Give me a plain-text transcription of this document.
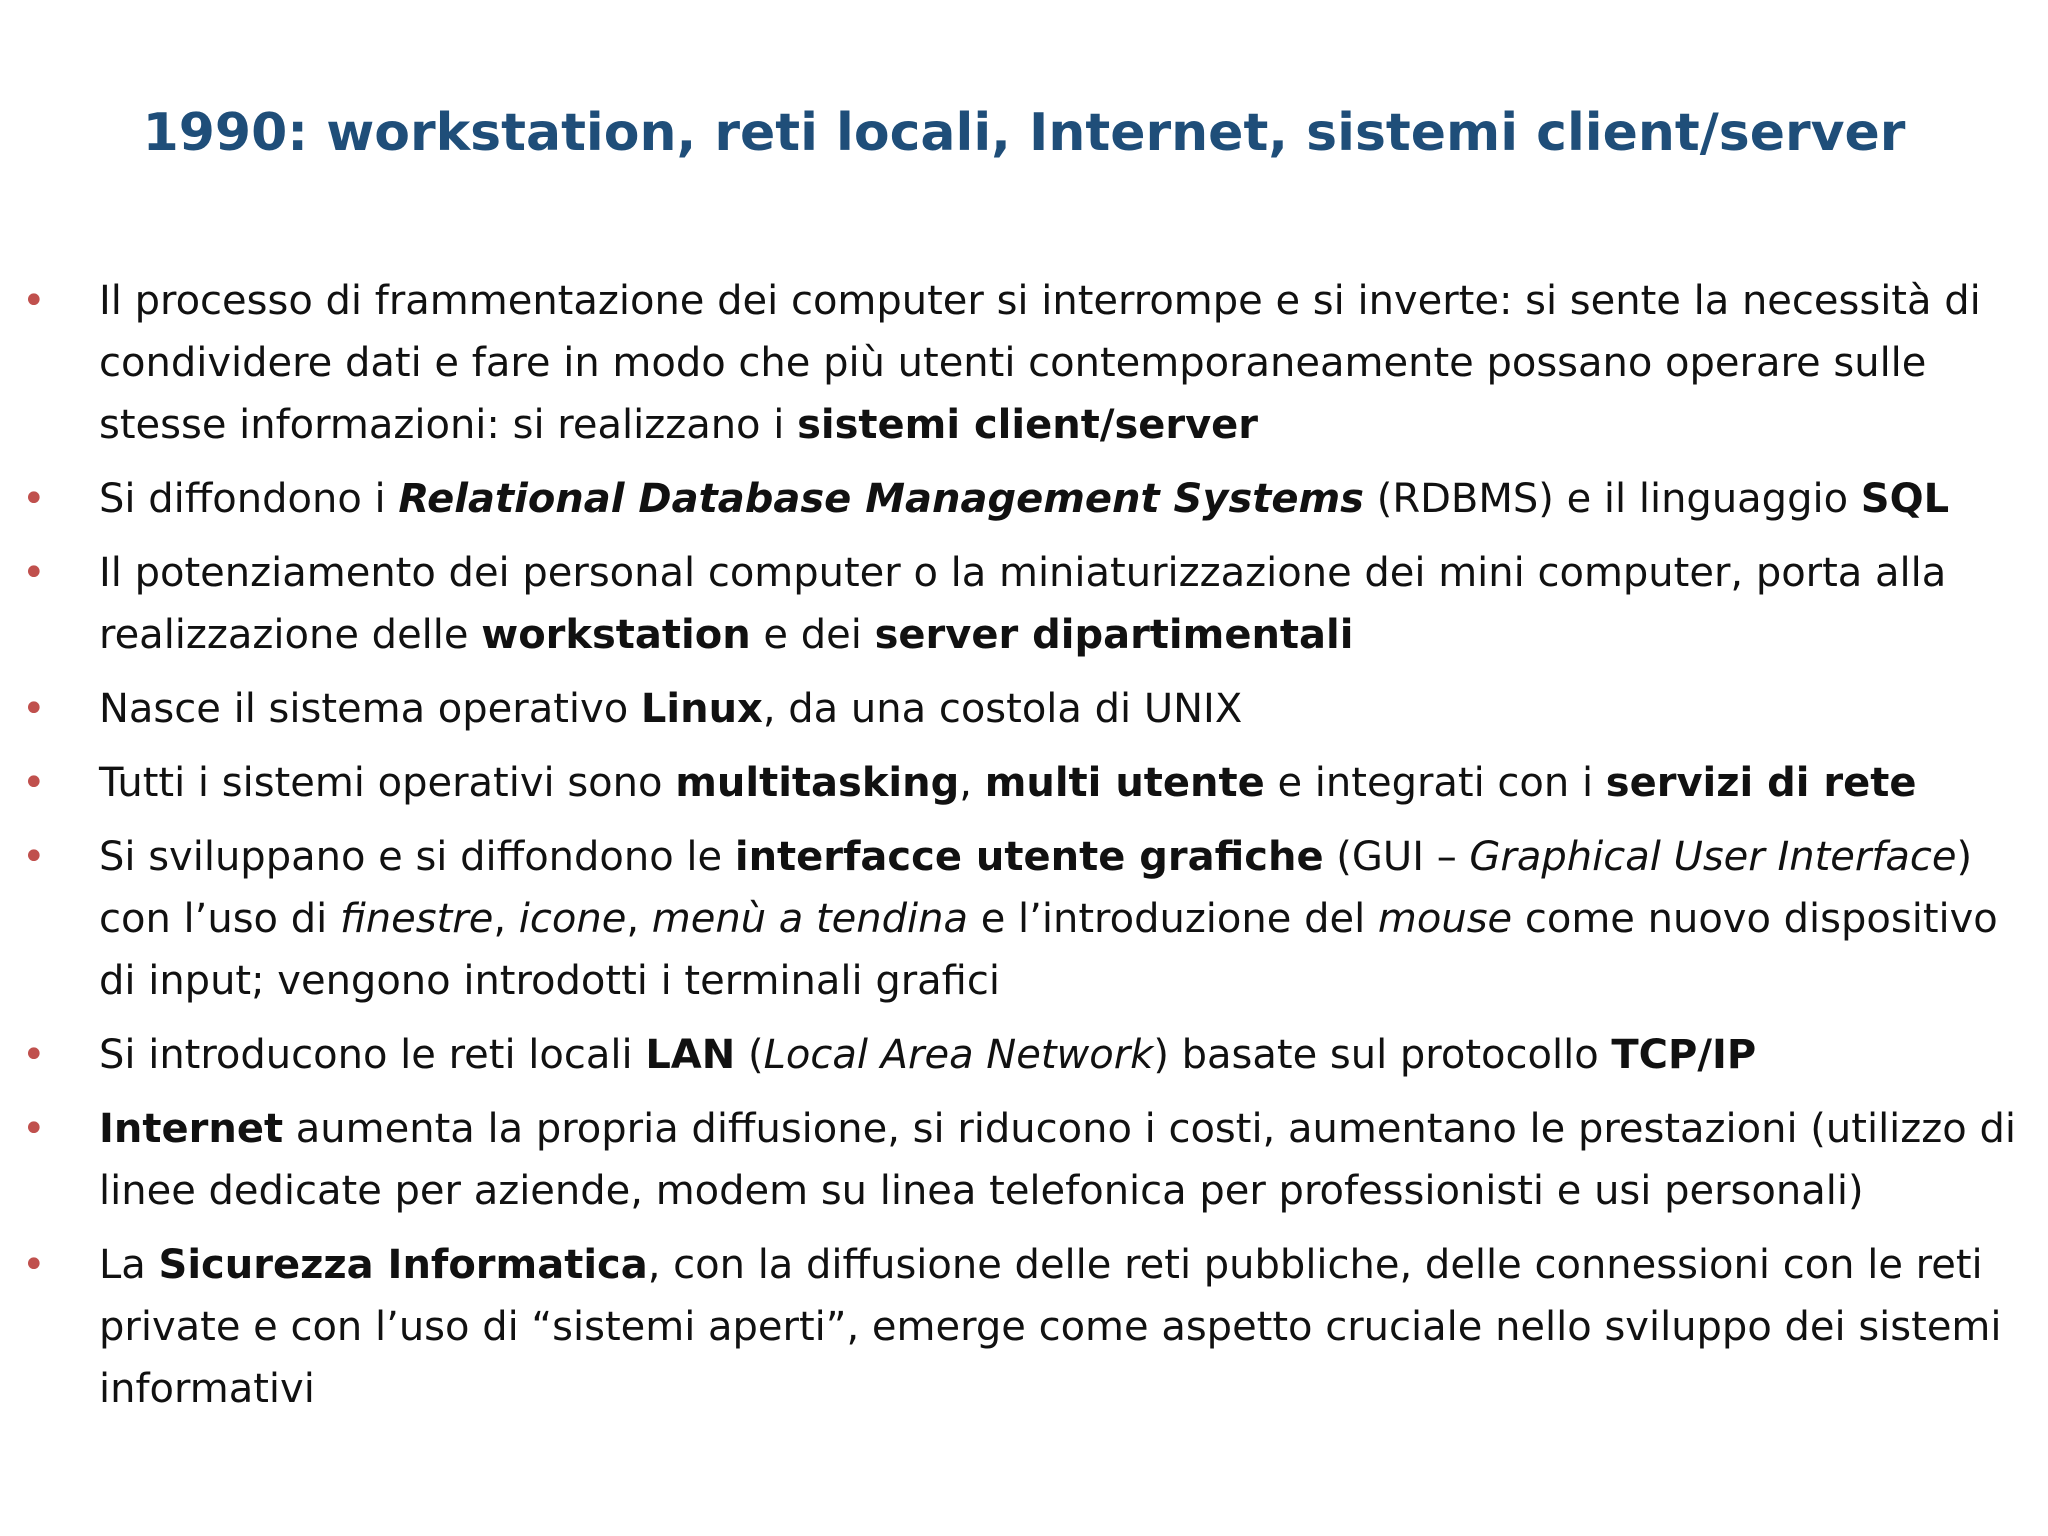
1990: workstation, reti locali, Internet, sistemi client/server
• Il processo di frammentazione dei computer si interrompe e si inverte: si sente la necessità di condividere dati e fare in modo che più utenti contemporaneamente possano operare sulle stesse informazioni: si realizzano i sistemi client/server
• Si diffondono i Relational Database Management Systems (RDBMS) e il linguaggio SQL
• Il potenziamento dei personal computer o la miniaturizzazione dei mini computer, porta alla realizzazione delle workstation e dei server dipartimentali
• Nasce il sistema operativo Linux, da una costola di UNIX
• Tutti i sistemi operativi sono multitasking, multi utente e integrati con i servizi di rete
• Si sviluppano e si diffondono le interfacce utente grafiche (GUI – Graphical User Interface) con l’uso di finestre, icone, menù a tendina e l’introduzione del mouse come nuovo dispositivo di input; vengono introdotti i terminali grafici
• Si introducono le reti locali LAN (Local Area Network) basate sul protocollo TCP/IP
• Internet aumenta la propria diffusione, si riducono i costi, aumentano le prestazioni (utilizzo di linee dedicate per aziende, modem su linea telefonica per professionisti e usi personali)
• La Sicurezza Informatica, con la diffusione delle reti pubbliche, delle connessioni con le reti private e con l’uso di “sistemi aperti”, emerge come aspetto cruciale nello sviluppo dei sistemi informativi
